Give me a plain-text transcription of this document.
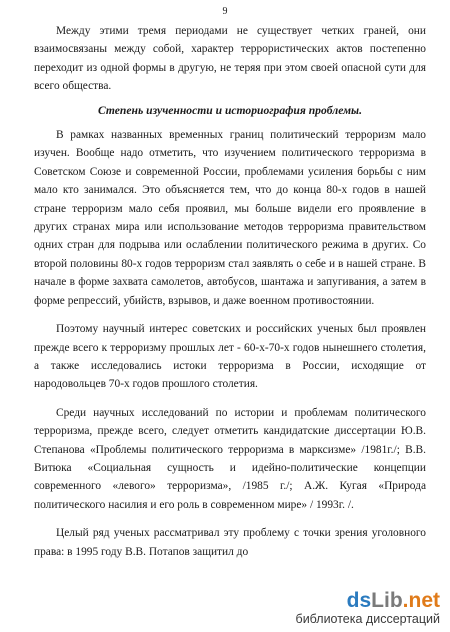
9

Между этими тремя периодами не существует четких граней, они взаимосвязаны между собой, характер террористических актов постепенно переходит из одной формы в другую, не теряя при этом своей опасной сути для всего общества.

Степень изученности и историография проблемы.

В рамках названных временных границ политический терроризм мало изучен. Вообще надо отметить, что изучением политического терроризма в Советском Союзе и современной России, проблемами усиления борьбы с ним мало кто занимался. Это объясняется тем, что до конца 80-х годов в нашей стране терроризм мало себя проявил, мы больше видели его проявление в других странах мира или использование методов терроризма правительством одних стран для подрыва или ослаблении политического режима в других. Со второй половины 80-х годов терроризм стал заявлять о себе и в нашей стране. В начале в форме захвата самолетов, автобусов, шантажа и запугивания, а затем в форме репрессий, убийств, взрывов, и даже военном противостоянии.

Поэтому научный интерес советских и российских ученых был проявлен прежде всего к терроризму прошлых лет - 60-х-70-х годов нынешнего столетия, а также исследовались истоки терроризма в России, исходящие от народовольцев 70-х годов прошлого столетия.

Среди научных исследований по истории и проблемам политического терроризма, прежде всего, следует отметить кандидатские диссертации Ю.В. Степанова «Проблемы политического терроризма в марксизме» /1981г./; В.В. Витюка «Социальная сущность и идейно-политические концепции современного «левого» терроризма», /1985 г./; А.Ж. Кугая «Природа политического насилия и его роль в современном мире» / 1993г. /.

Целый ряд ученых рассматривал эту проблему с точки зрения уголовного права: в 1995 году В.В. Потапов защитил до

dsLib.net
библиотека диссертаций
